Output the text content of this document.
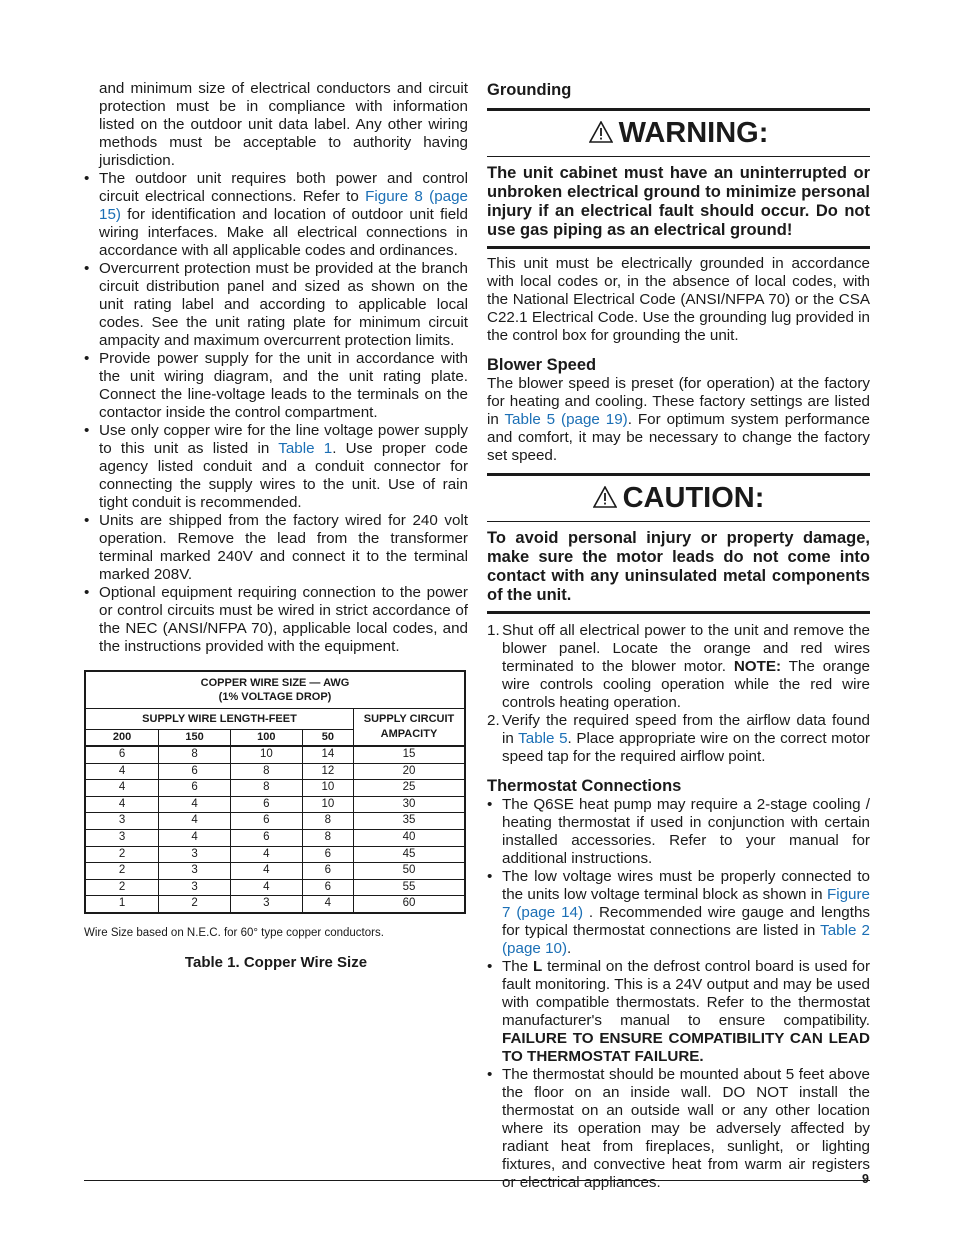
and minimum size of electrical conductors and circuit protection must be in compliance with information listed on the outdoor unit data label. Any other wiring methods must be acceptable to authority having jurisdiction.

• The outdoor unit requires both power and control circuit electrical connections. Refer to Figure 8 (page 15) for identification and location of outdoor unit field wiring interfaces. Make all electrical connections in accordance with all applicable codes and ordinances.
• Overcurrent protection must be provided at the branch circuit distribution panel and sized as shown on the unit rating label and according to applicable local codes. See the unit rating plate for minimum circuit ampacity and maximum overcurrent protection limits.
• Provide power supply for the unit in accordance with the unit wiring diagram, and the unit rating plate. Connect the line-voltage leads to the terminals on the contactor inside the control compartment.
• Use only copper wire for the line voltage power supply to this unit as listed in Table 1. Use proper code agency listed conduit and a conduit connector for connecting the supply wires to the unit. Use of rain tight conduit is recommended.
• Units are shipped from the factory wired for 240 volt operation. Remove the lead from the transformer terminal marked 240V and connect it to the terminal marked 208V.
• Optional equipment requiring connection to the power or control circuits must be wired in strict accordance of the NEC (ANSI/NFPA 70), applicable local codes, and the instructions provided with the equipment.
COPPER WIRE SIZE — AWG
(1% VOLTAGE DROP)				
SUPPLY WIRE LENGTH-FEET				SUPPLY CIRCUIT
AMPACITY
200	150	100	50	
6	8	10	14	15
4	6	8	12	20
4	6	8	10	25
4	4	6	10	30
3	4	6	8	35
3	4	6	8	40
2	3	4	6	45
2	3	4	6	50
2	3	4	6	55
1	2	3	4	60
Wire Size based on N.E.C. for 60° type copper conductors.
Table 1. Copper Wire Size
Grounding
WARNING:
The unit cabinet must have an uninterrupted or unbroken electrical ground to minimize personal injury if an electrical fault should occur. Do not use gas piping as an electrical ground!

This unit must be electrically grounded in accordance with local codes or, in the absence of local codes, with the National Electrical Code (ANSI/NFPA 70) or the CSA C22.1 Electrical Code. Use the grounding lug provided in the control box for grounding the unit.

Blower Speed

The blower speed is preset (for operation) at the factory for heating and cooling. These factory settings are listed in Table 5 (page 19). For optimum system performance and comfort, it may be necessary to change the factory set speed.

CAUTION:
To avoid personal injury or property damage, make sure the motor leads do not come into contact with any uninsulated metal components of the unit.
1. Shut off all electrical power to the unit and remove the blower panel. Locate the orange and red wires terminated to the blower motor. NOTE: The orange wire controls cooling operation while the red wire controls heating operation.
2. Verify the required speed from the airflow data found in Table 5. Place appropriate wire on the correct motor speed tap for the required airflow point.
Thermostat Connections
• The Q6SE heat pump may require a 2-stage cooling / heating thermostat if used in conjunction with certain installed accessories. Refer to your manual for additional instructions.
• The low voltage wires must be properly connected to the units low voltage terminal block as shown in Figure 7 (page 14) . Recommended wire gauge and lengths for typical thermostat connections are listed in Table 2 (page 10).
• The L terminal on the defrost control board is used for fault monitoring. This is a 24V output and may be used with compatible thermostats. Refer to the thermostat manufacturer's manual to ensure compatibility. FAILURE TO ENSURE COMPATIBILITY CAN LEAD TO THERMOSTAT FAILURE.
• The thermostat should be mounted about 5 feet above the floor on an inside wall. DO NOT install the thermostat on an outside wall or any other location where its operation may be adversely affected by radiant heat from fireplaces, sunlight, or lighting fixtures, and convective heat from warm air registers or electrical appliances.	9
